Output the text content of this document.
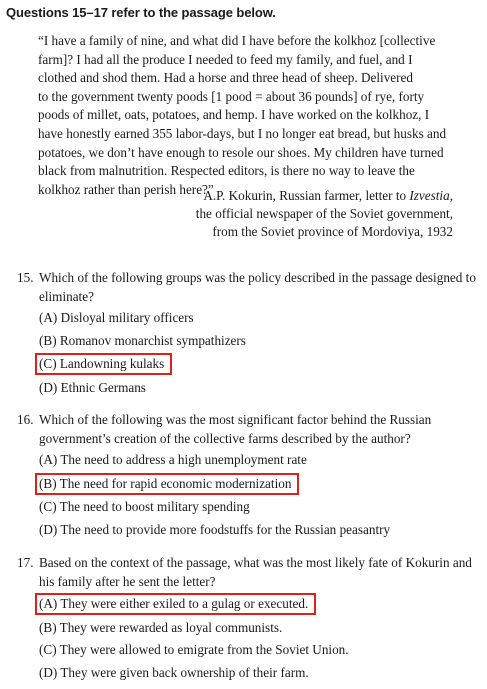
Questions 15–17 refer to the passage below.
“I have a family of nine, and what did I have before the kolkhoz [collective
farm]? I had all the produce I needed to feed my family, and fuel, and I
clothed and shod them. Had a horse and three head of sheep. Delivered
to the government twenty poods [1 pood = about 36 pounds] of rye, forty
poods of millet, oats, potatoes, and hemp. I have worked on the kolkhoz, I
have honestly earned 355 labor-days, but I no longer eat bread, but husks and
potatoes, we don’t have enough to resole our shoes. My children have turned
black from malnutrition. Respected editors, is there no way to leave the
kolkhoz rather than perish here?”
A.P. Kokurin, Russian farmer, letter to Izvestia,
the official newspaper of the Soviet government,
from the Soviet province of Mordoviya, 1932
15. Which of the following groups was the policy described in the passage designed to eliminate?
(A) Disloyal military officers
(B) Romanov monarchist sympathizers
(C) Landowning kulaks
(D) Ethnic Germans
16. Which of the following was the most significant factor behind the Russian government’s creation of the collective farms described by the author?
(A) The need to address a high unemployment rate
(B) The need for rapid economic modernization
(C) The need to boost military spending
(D) The need to provide more foodstuffs for the Russian peasantry
17. Based on the context of the passage, what was the most likely fate of Kokurin and his family after he sent the letter?
(A) They were either exiled to a gulag or executed.
(B) They were rewarded as loyal communists.
(C) They were allowed to emigrate from the Soviet Union.
(D) They were given back ownership of their farm.
